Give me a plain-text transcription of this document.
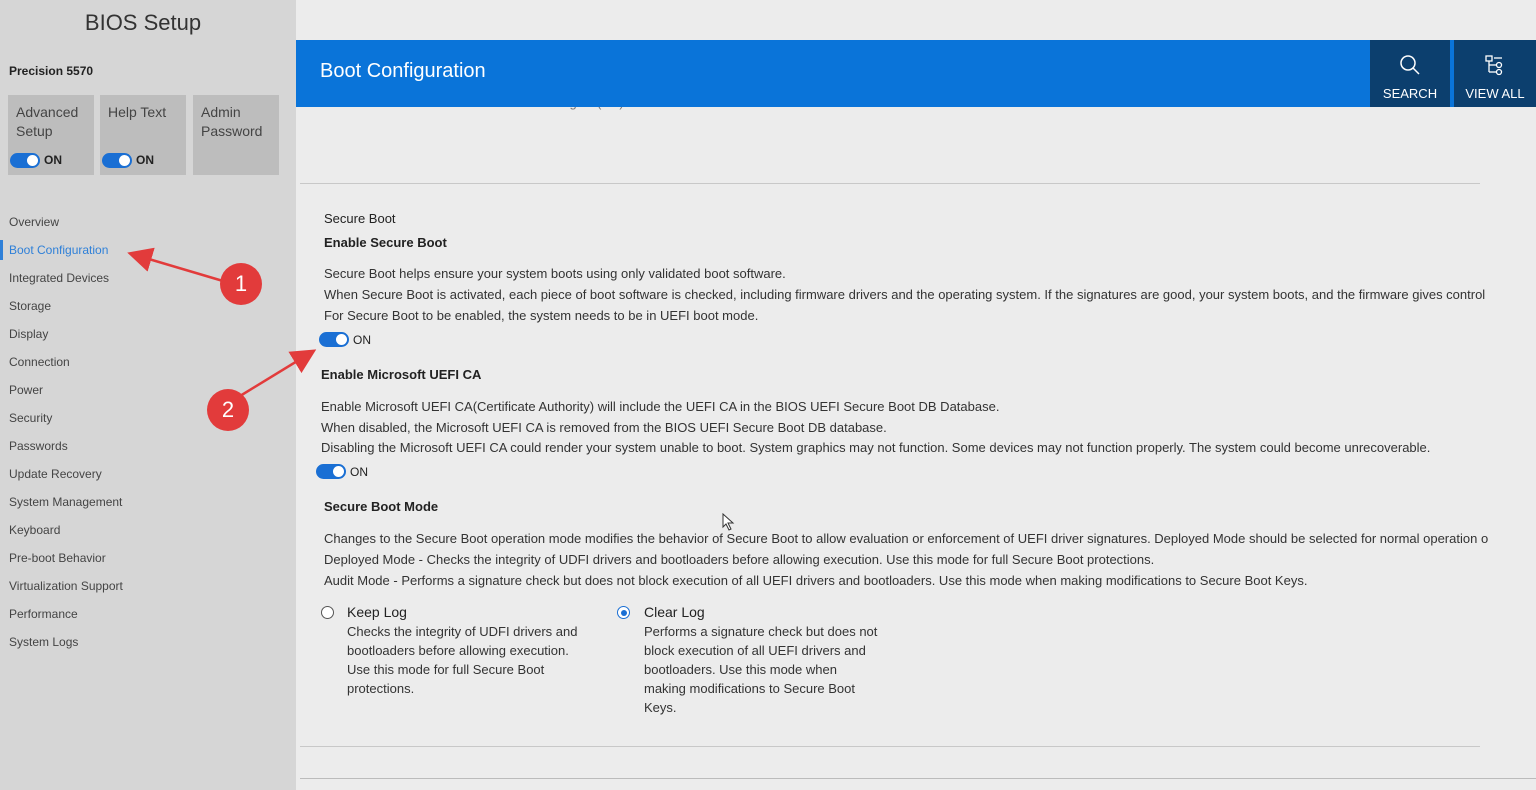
BIOS Setup
Precision 5570
Advanced Setup
ON
Help Text
ON
Admin Password
Overview
Boot Configuration
Integrated Devices
Storage
Display
Connection
Power
Security
Passwords
Update Recovery
System Management
Keyboard
Pre-boot Behavior
Virtualization Support
Performance
System Logs
Boot Configuration
SEARCH	VIEW ALL
Secure Boot
Enable Secure Boot
Secure Boot helps ensure your system boots using only validated boot software.
When Secure Boot is activated, each piece of boot software is checked, including firmware drivers and the operating system. If the signatures are good, your system boots, and the firmware gives control
For Secure Boot to be enabled, the system needs to be in UEFI boot mode.
ON
Enable Microsoft UEFI CA
Enable Microsoft UEFI CA(Certificate Authority) will include the UEFI CA in the BIOS UEFI Secure Boot DB Database.
When disabled, the Microsoft UEFI CA is removed from the BIOS UEFI Secure Boot DB database.
Disabling the Microsoft UEFI CA could render your system unable to boot. System graphics may not function. Some devices may not function properly. The system could become unrecoverable.
ON
Secure Boot Mode
Changes to the Secure Boot operation mode modifies the behavior of Secure Boot to allow evaluation or enforcement of UEFI driver signatures. Deployed Mode should be selected for normal operation o
Deployed Mode - Checks the integrity of UDFI drivers and bootloaders before allowing execution. Use this mode for full Secure Boot protections.
Audit Mode - Performs a signature check but does not block execution of all UEFI drivers and bootloaders. Use this mode when making modifications to Secure Boot Keys.
Keep Log
Checks the integrity of UDFI drivers and
bootloaders before allowing execution.
Use this mode for full Secure Boot
protections.
Clear Log
Performs a signature check but does not
block execution of all UEFI drivers and
bootloaders. Use this mode when
making modifications to Secure Boot
Keys.
1
2
